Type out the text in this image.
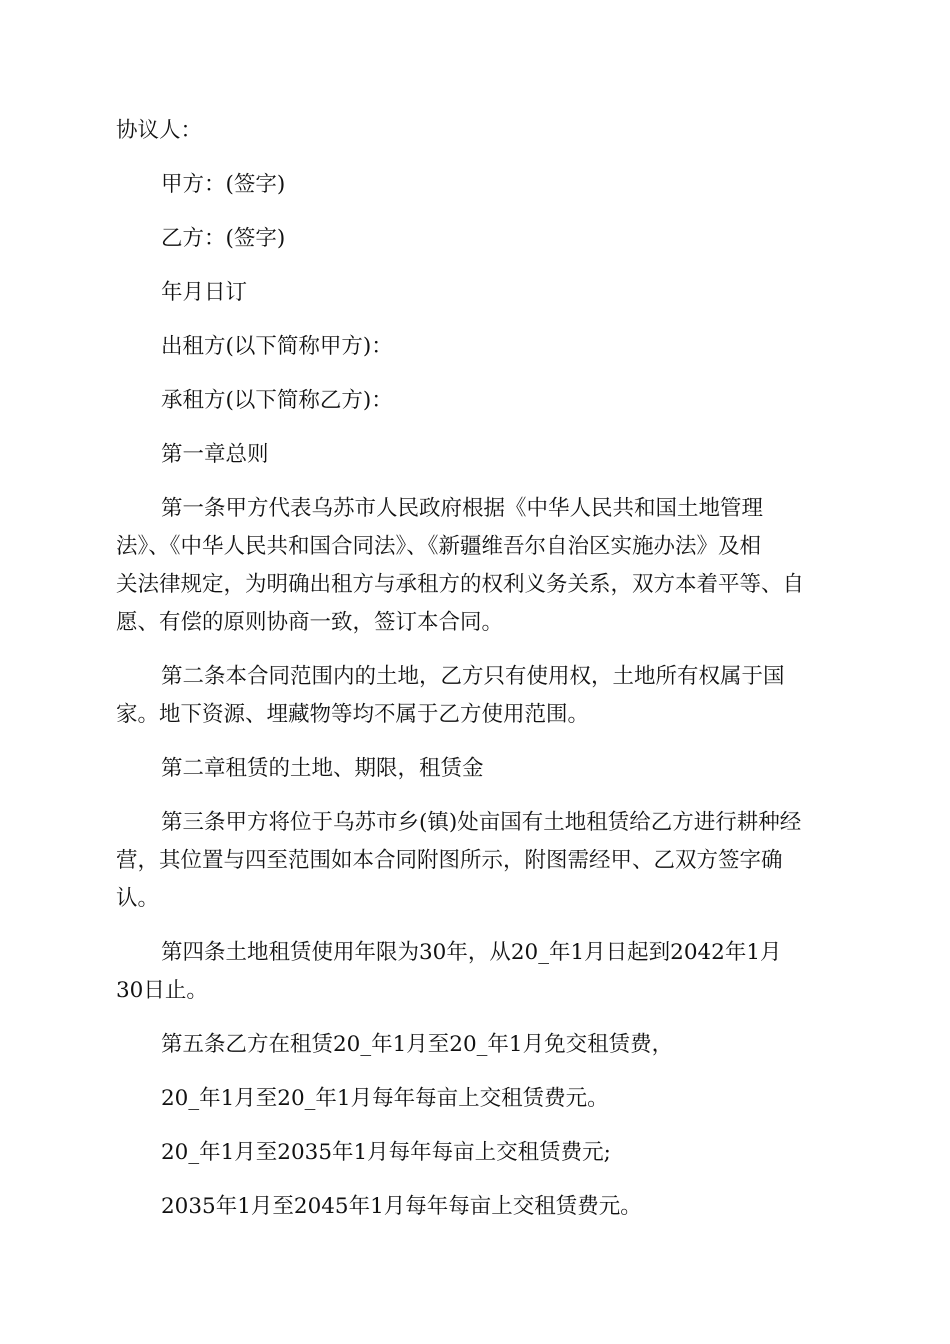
协议人：
甲方：(签字)
乙方：(签字)
年月日订
出租方(以下简称甲方)：
承租方(以下简称乙方)：
第一章总则
第一条甲方代表乌苏市人民政府根据《中华人民共和国土地管理
法》、《中华人民共和国合同法》、《新疆维吾尔自治区实施办法》及相
关法律规定，为明确出租方与承租方的权利义务关系，双方本着平等、自
愿、有偿的原则协商一致，签订本合同。
第二条本合同范围内的土地，乙方只有使用权，土地所有权属于国
家。地下资源、埋藏物等均不属于乙方使用范围。
第二章租赁的土地、期限，租赁金
第三条甲方将位于乌苏市乡(镇)处亩国有土地租赁给乙方进行耕种经
营，其位置与四至范围如本合同附图所示，附图需经甲、乙双方签字确
认。
第四条土地租赁使用年限为30年，从20_年1月日起到2042年1月
30日止。
第五条乙方在租赁20_年1月至20_年1月免交租赁费，
20_年1月至20_年1月每年每亩上交租赁费元。
20_年1月至2035年1月每年每亩上交租赁费元;
2035年1月至2045年1月每年每亩上交租赁费元。
